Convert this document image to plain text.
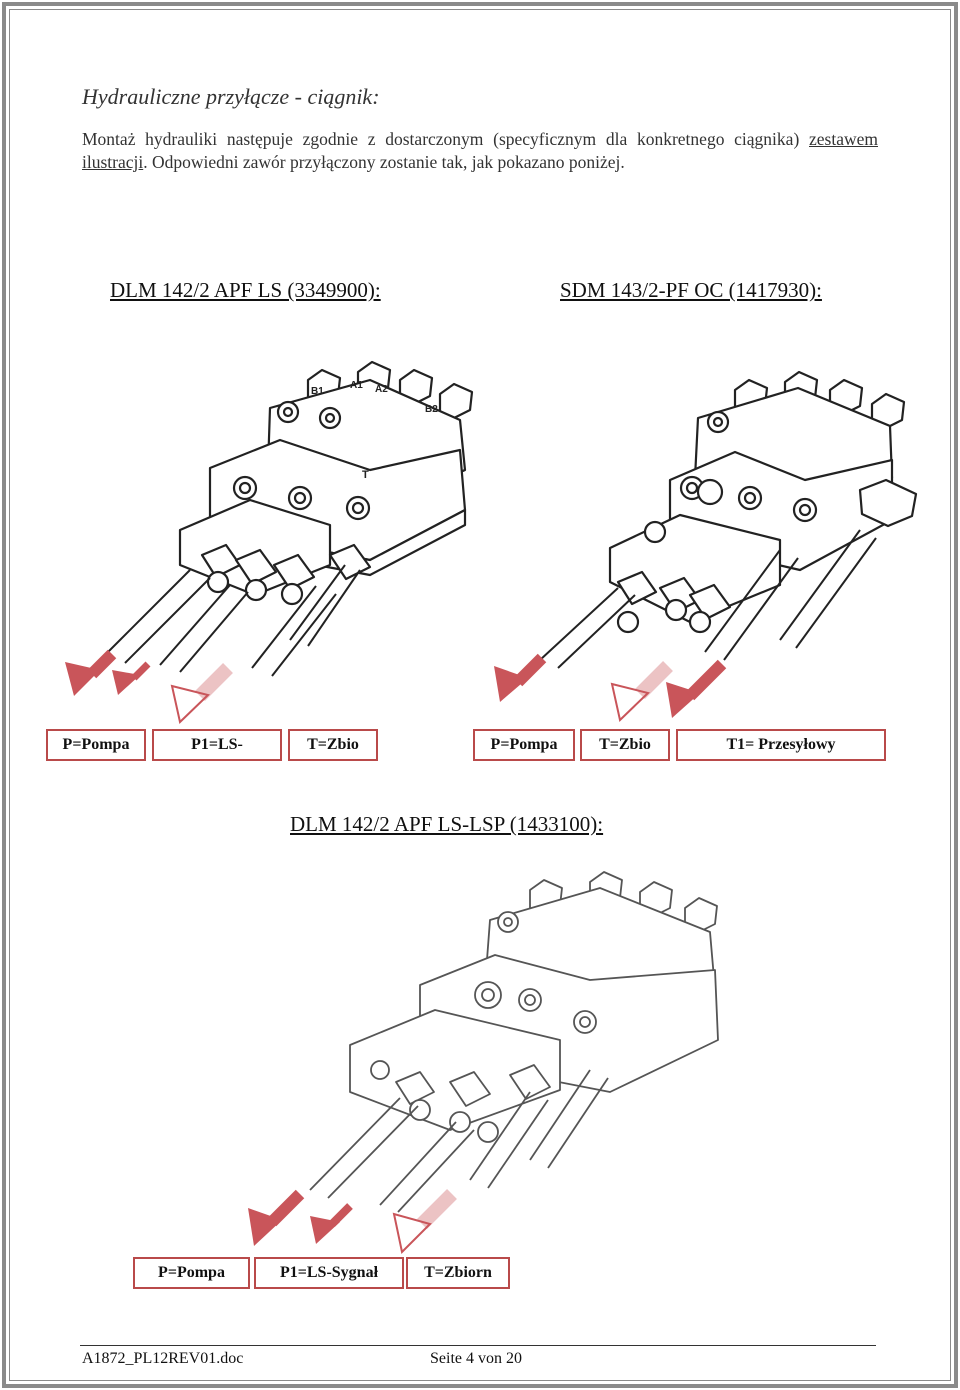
Hydrauliczne przyłącze - ciągnik:
Montaż hydrauliki następuje zgodnie z dostarczonym (specyficznym dla konkretnego ciągnika) zestawem ilustracji. Odpowiedni zawór przyłączony zostanie tak, jak pokazano poniżej.
DLM 142/2 APF LS (3349900):
B1
A1 A2
B2
T
P=Pompa	P1=LS-	T=Zbio
SDM 143/2-PF OC (1417930):
P=Pompa	T=Zbio	T1= Przesyłowy
DLM 142/2 APF LS-LSP (1433100):
P=Pompa	P1=LS-Sygnał	T=Zbiorn
A1872_PL12REV01.doc	Seite 4 von 20
